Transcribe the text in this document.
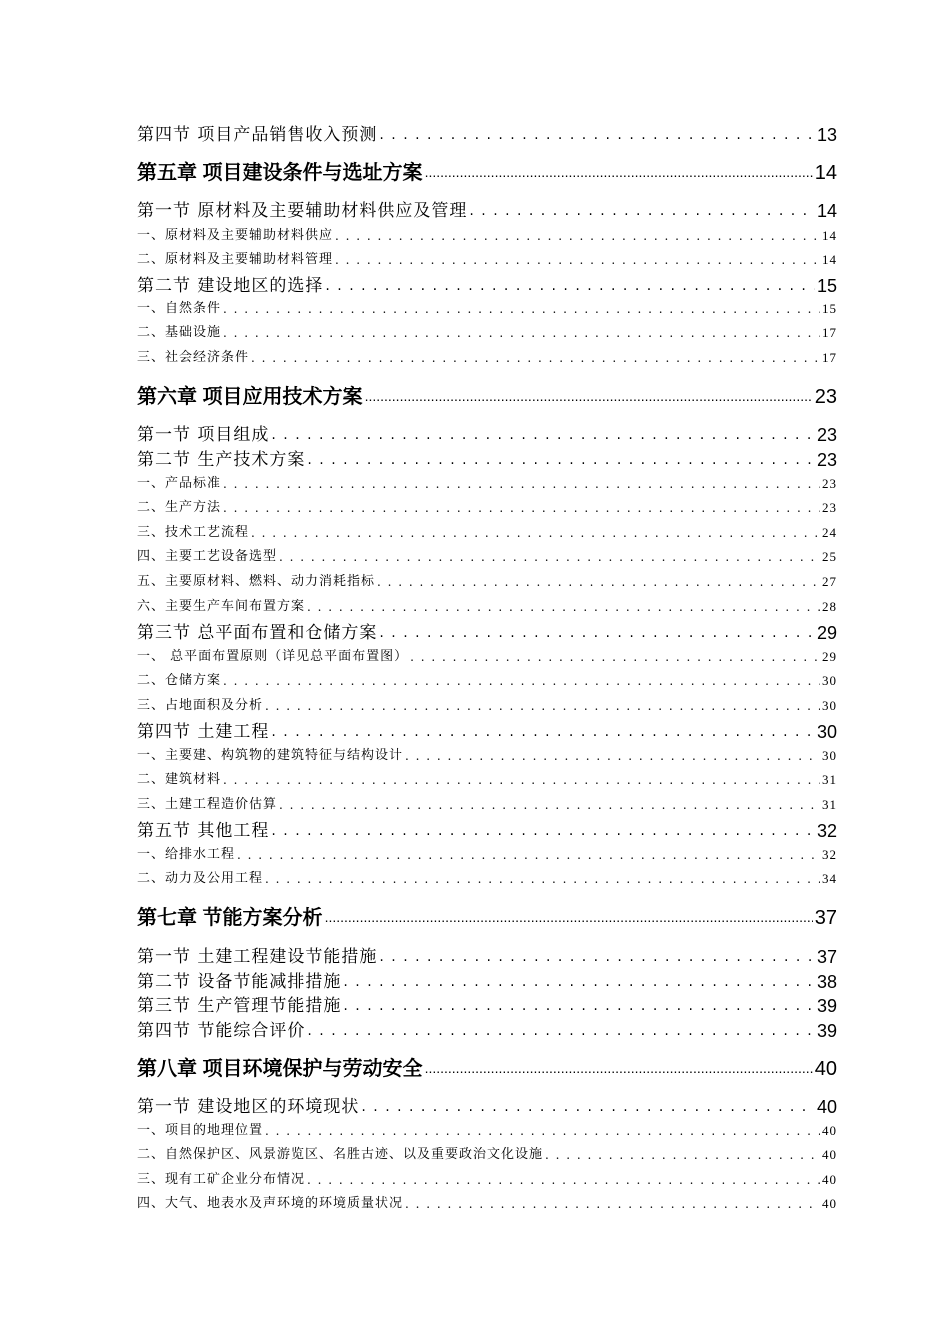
第四节 项目产品销售收入预测 . . .	13
第五章 项目建设条件与选址方案 .....	14
第一节 原材料及主要辅助材料供应及管理 . . .	14
一、原材料及主要辅助材料供应 . . .	14
二、原材料及主要辅助材料管理 . . .	14
第二节 建设地区的选择 . . .	15
一、自然条件 . . .	15
二、基础设施 . . .	17
三、社会经济条件 . . .	17
第六章 项目应用技术方案 .....	23
第一节 项目组成 . . .	23
第二节 生产技术方案 . . .	23
一、产品标准 . . .	23
二、生产方法 . . .	23
三、技术工艺流程 . . .	24
四、主要工艺设备选型 . . .	25
五、主要原材料、燃料、动力消耗指标 . . .	27
六、主要生产车间布置方案 . . .	28
第三节 总平面布置和仓储方案 . . .	29
一、 总平面布置原则（详见总平面布置图） . . .	29
二、仓储方案 . . .	30
三、占地面积及分析 . . .	30
第四节 土建工程 . . .	30
一、主要建、构筑物的建筑特征与结构设计 . . .	30
二、建筑材料 . . .	31
三、土建工程造价估算 . . .	31
第五节 其他工程 . . .	32
一、给排水工程 . . .	32
二、动力及公用工程 . . .	34
第七章 节能方案分析 .....	37
第一节 土建工程建设节能措施 . . .	37
第二节 设备节能减排措施 . . .	38
第三节 生产管理节能措施 . . .	39
第四节 节能综合评价 . . .	39
第八章 项目环境保护与劳动安全 .....	40
第一节 建设地区的环境现状 . . .	40
一、项目的地理位置 . . .	40
二、自然保护区、风景游览区、名胜古迹、以及重要政治文化设施 . . .	40
三、现有工矿企业分布情况 . . .	40
四、大气、地表水及声环境的环境质量状况 . . .	40
